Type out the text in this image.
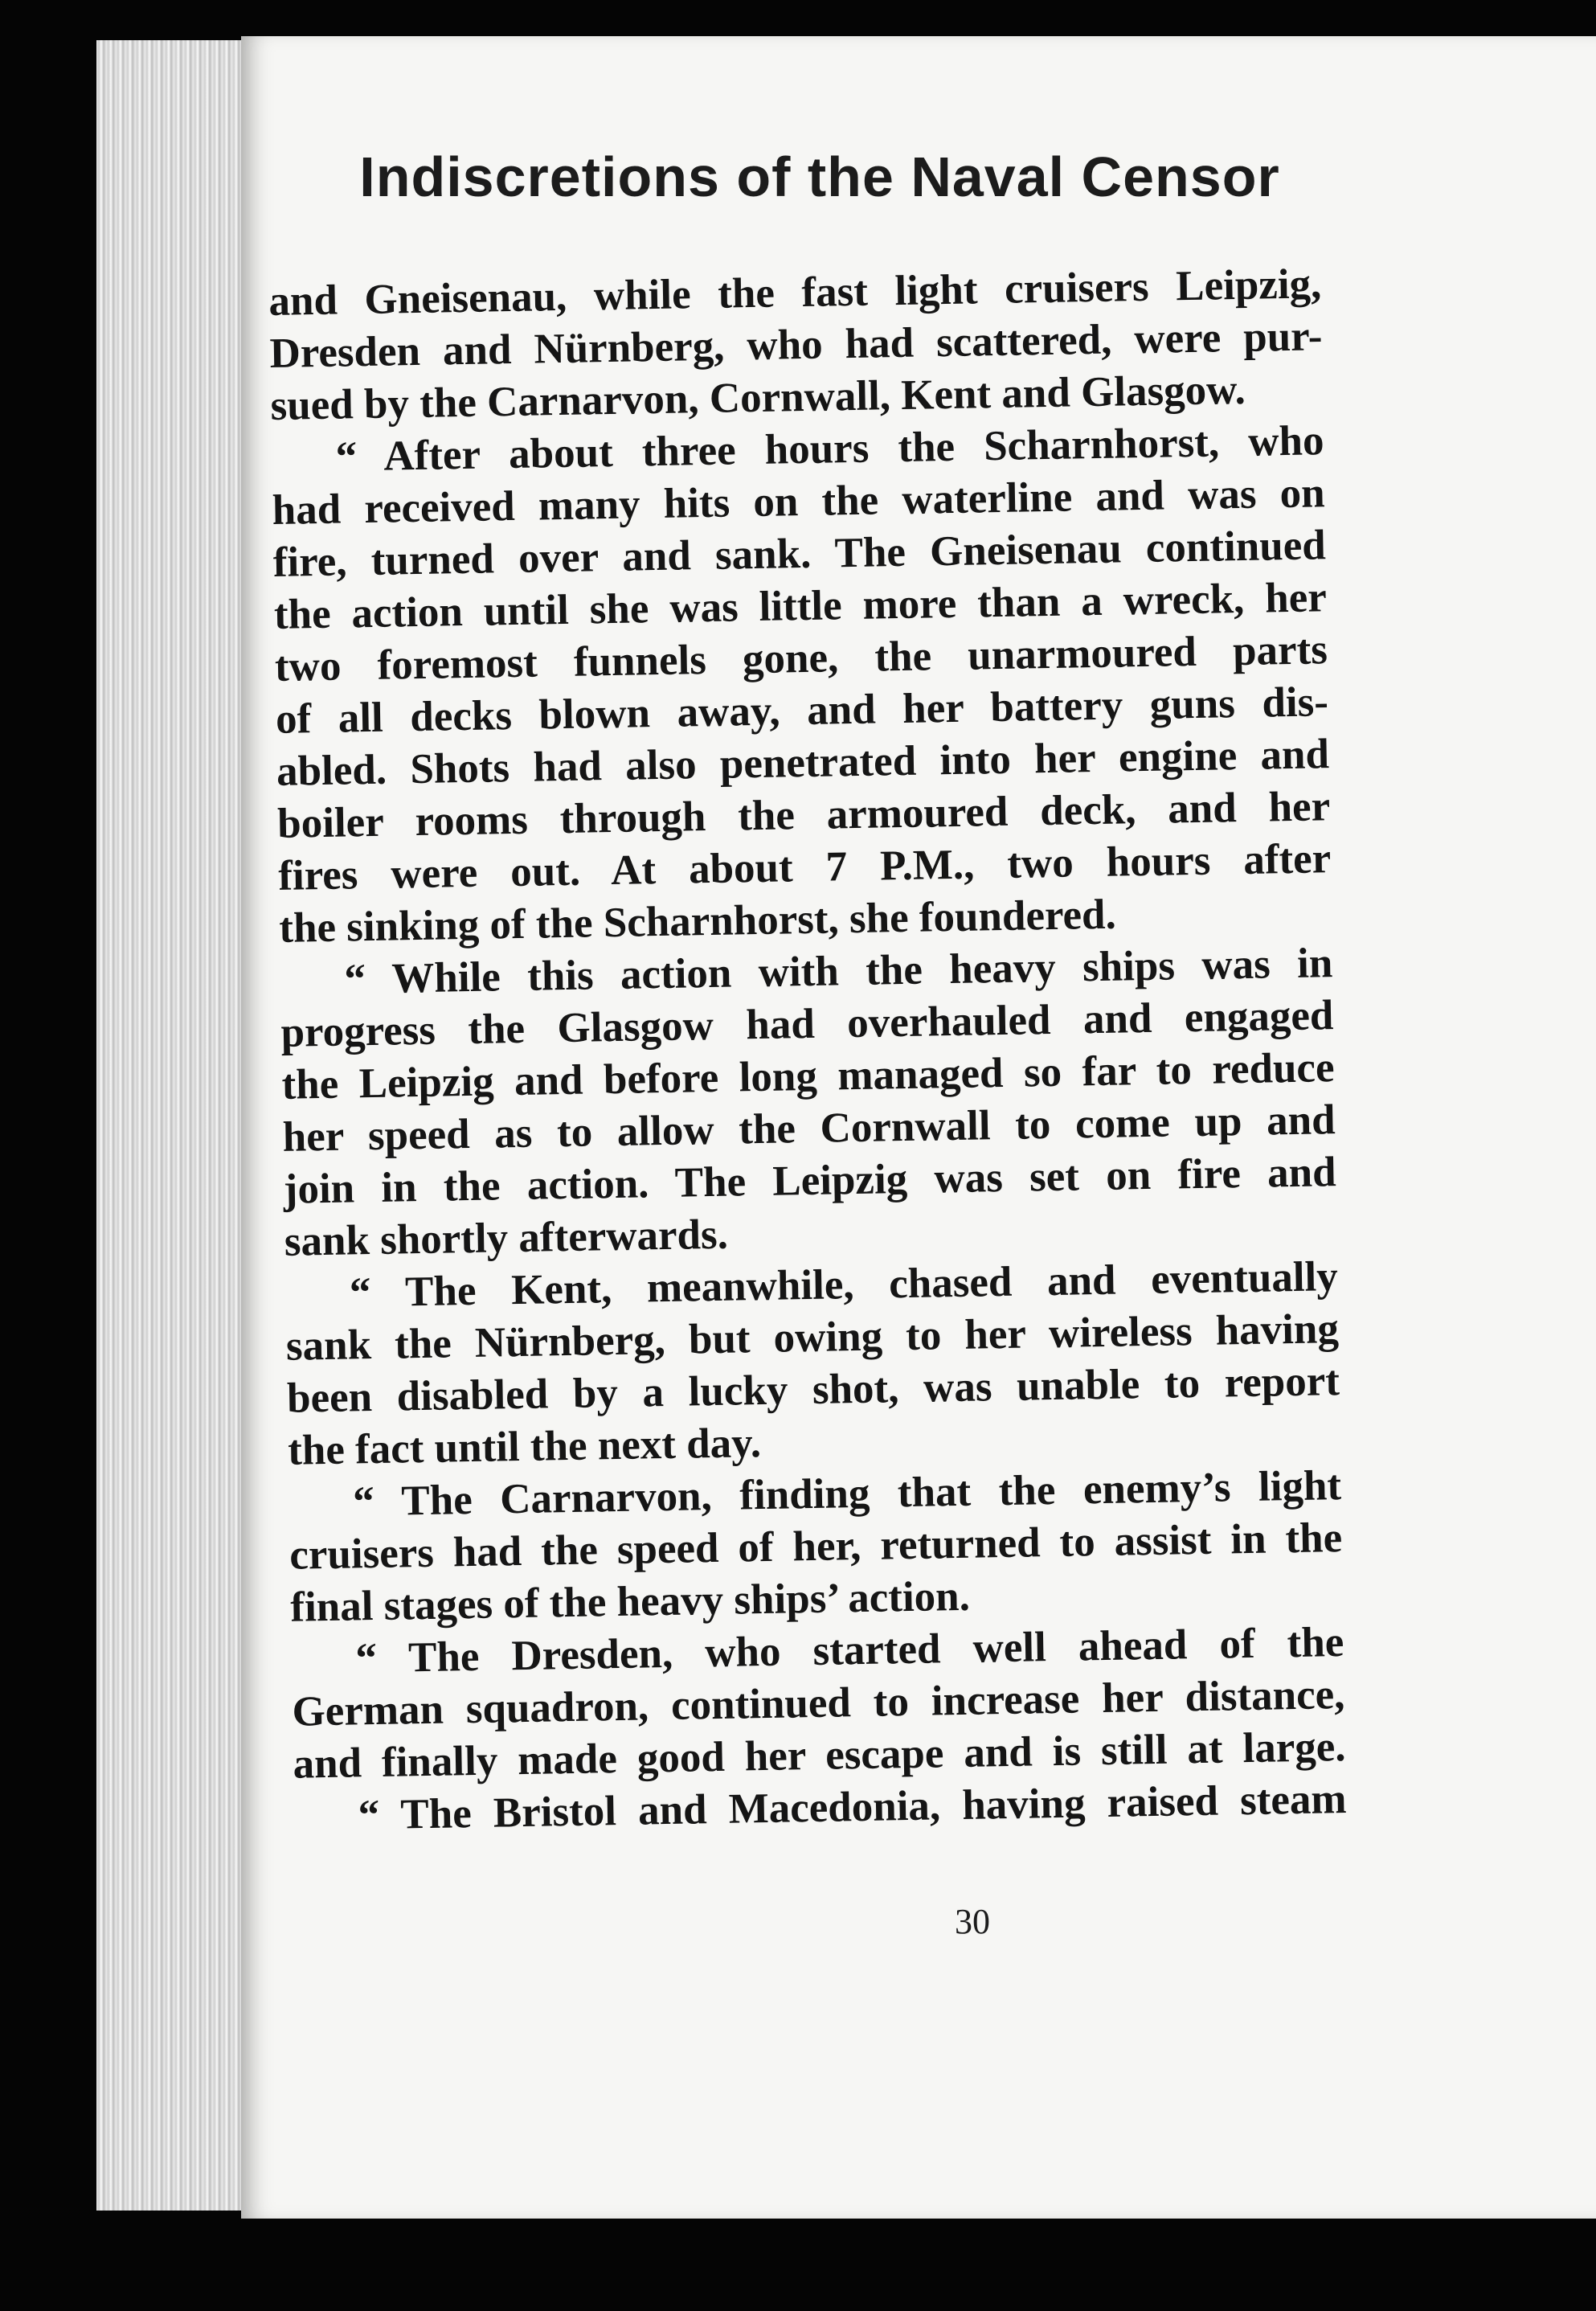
Indiscretions of the Naval Censor
and Gneisenau, while the fast light cruisers Leipzig,
Dresden and Nürnberg, who had scattered, were pur-
sued by the Carnarvon, Cornwall, Kent and Glasgow.
“ After about three hours the Scharnhorst, who
had received many hits on the waterline and was on
fire, turned over and sank. The Gneisenau continued
the action until she was little more than a wreck, her
two foremost funnels gone, the unarmoured parts
of all decks blown away, and her battery guns dis-
abled. Shots had also penetrated into her engine and
boiler rooms through the armoured deck, and her
fires were out. At about 7 P.M., two hours after
the sinking of the Scharnhorst, she foundered.
“ While this action with the heavy ships was in
progress the Glasgow had overhauled and engaged
the Leipzig and before long managed so far to reduce
her speed as to allow the Cornwall to come up and
join in the action. The Leipzig was set on fire and
sank shortly afterwards.
“ The Kent, meanwhile, chased and eventually
sank the Nürnberg, but owing to her wireless having
been disabled by a lucky shot, was unable to report
the fact until the next day.
“ The Carnarvon, finding that the enemy’s light
cruisers had the speed of her, returned to assist in the
final stages of the heavy ships’ action.
“ The Dresden, who started well ahead of the
German squadron, continued to increase her distance,
and finally made good her escape and is still at large.
“ The Bristol and Macedonia, having raised steam
30
